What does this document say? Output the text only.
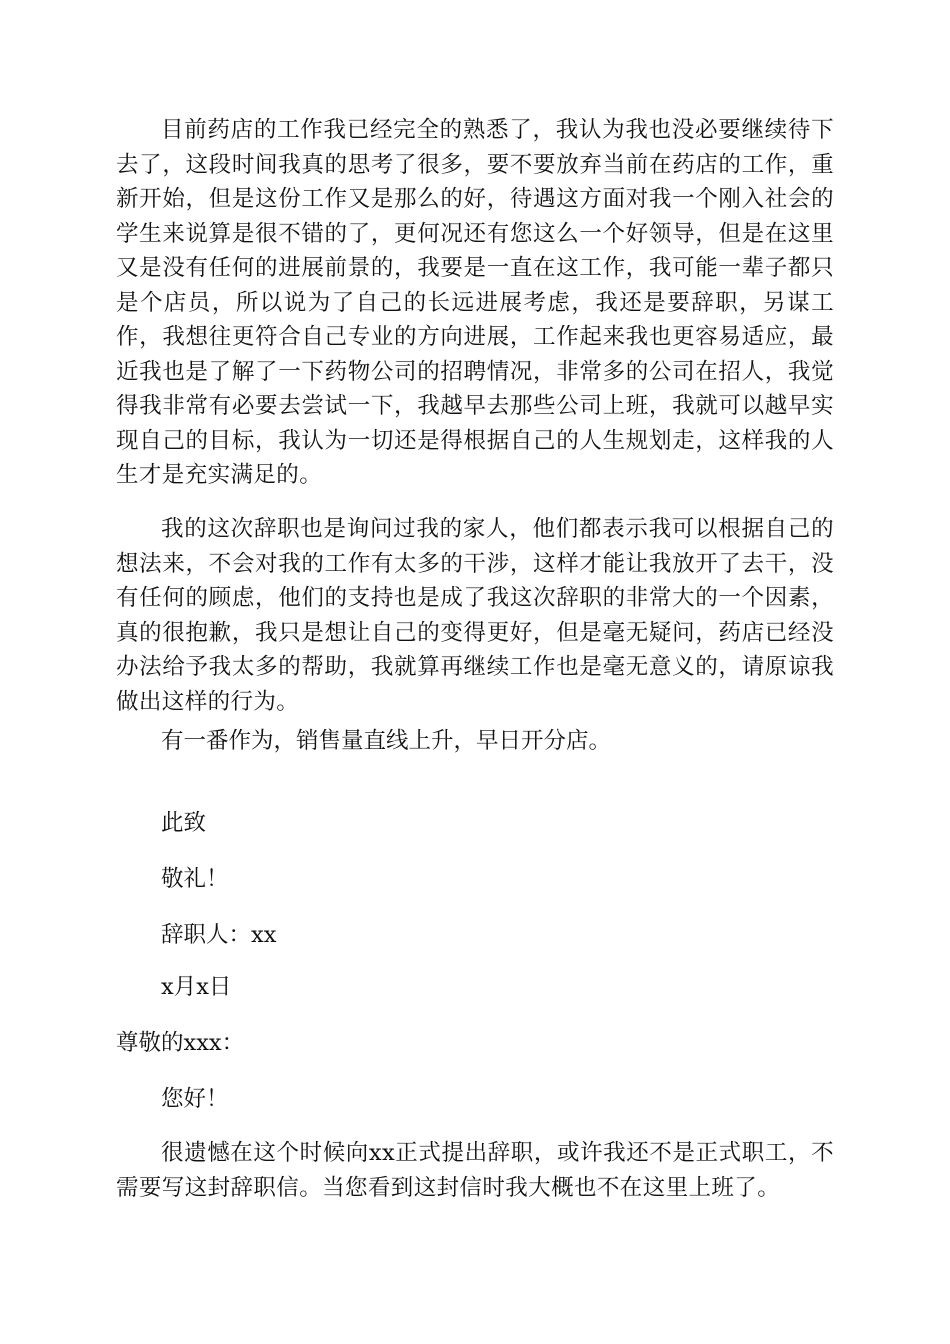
目前药店的工作我已经完全的熟悉了，我认为我也没必要继续待下去了，这段时间我真的思考了很多，要不要放弃当前在药店的工作，重新开始，但是这份工作又是那么的好，待遇这方面对我一个刚入社会的学生来说算是很不错的了，更何况还有您这么一个好领导，但是在这里又是没有任何的进展前景的，我要是一直在这工作，我可能一辈子都只是个店员，所以说为了自己的长远进展考虑，我还是要辞职，另谋工作，我想往更符合自己专业的方向进展，工作起来我也更容易适应，最近我也是了解了一下药物公司的招聘情况，非常多的公司在招人，我觉得我非常有必要去尝试一下，我越早去那些公司上班，我就可以越早实现自己的目标，我认为一切还是得根据自己的人生规划走，这样我的人生才是充实满足的。

我的这次辞职也是询问过我的家人，他们都表示我可以根据自己的想法来，不会对我的工作有太多的干涉，这样才能让我放开了去干，没有任何的顾虑，他们的支持也是成了我这次辞职的非常大的一个因素，真的很抱歉，我只是想让自己的变得更好，但是毫无疑问，药店已经没办法给予我太多的帮助，我就算再继续工作也是毫无意义的，请原谅我做出这样的行为。

有一番作为，销售量直线上升，早日开分店。

此致

敬礼！

辞职人：xx

x月x日

尊敬的xxx：

您好！

很遗憾在这个时候向xx正式提出辞职，或许我还不是正式职工，不需要写这封辞职信。当您看到这封信时我大概也不在这里上班了。
